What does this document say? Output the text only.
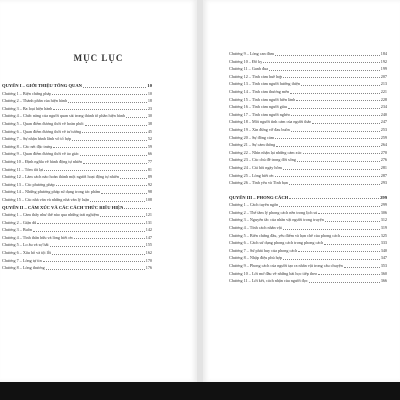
MỤC LỤC
QUYỂN I – GIỚI THIỆU TỔNG QUAN	10
Chương 1 – Biện chứng pháp	10
Chương 2 – Thành phần của hiện hành	18
Chương 3 – Ba loại hiện hành	23
Chương 4 – Chức năng của người quan sát trong thành tố phần hiện hành	30
Chương 5 – Quan điểm đương thời về hoàn phối	38
Chương 6 – Quan điểm đương thời về tư tưởng	45
Chương 7 – Sự nhận hành lãnh vô tổ hợp	52
Chương 8 – Các nét đặc trưng	59
Chương 9 – Quan điểm đương thời về ảo giác	66
Chương 10 – Định nghĩa về hành động tự nhiên	77
Chương 11 – Tóm tắt lại	81
Chương 12 – Làm cách nào hoàn thành một người hoạt động tự nhiên	89
Chương 13 – Các phương pháp	92
Chương 14 – Những phương pháp sử dụng trong tác phẩm	98
Chương 15 – Các nhà văn và những nhà văn lý luận	108
QUYỂN II – CẢM XÚC VÀ CÁC CÁCH THỨC BIỂU HIỆN
Chương 1 – Cảm thấy như thế nào qua những trải nghiệm	121
Chương 2 – Giận dữ	131
Chương 3 – Buồn	142
Chương 4 – Tình thân hữu và lòng biết ơn	147
Chương 5 – Lo âu và sợ hãi	155
Chương 6 – Xấu hổ và tội lỗi	162
Chương 7 – Lòng tự tin	170
Chương 8 – Lòng thương	176
Chương 9 – Lòng can đảm	184
Chương 10 – Đố kỵ	192
Chương 11 – Ganh đua	199
Chương 12 – Tình cảm huề hợp	207
Chương 13 – Tình cảm người hướng thiện	213
Chương 14 – Tình cảm thương mến	221
Chương 15 – Tình cảm người hiền lành	228
Chương 16 – Tình cảm người giàu	234
Chương 17 – Tình cảm người nghèo	240
Chương 18 – Mối người tình cảm của người thân	247
Chương 19 – Xin đừng vỡ đau buồn	253
Chương 20 – Sự đồng cảm	259
Chương 21 – Sự cảm thông	264
Chương 22 – Nhìn nhận lại những cảm xúc	270
Chương 23 – Các chủ đề trong đời sống	276
Chương 24 – Cái hôi ngày hôm	281
Chương 25 – Lòng biết ơn	287
Chương 26 – Tình yêu và Tình bạn	293
QUYỂN III – PHONG CÁCH	299
Chương 1 – Cách tuyên ngôn	299
Chương 2 – Thể tầm lý phong cách nền trong lịch sử	306
Chương 3 – Nguyên tắc của nhân vật người trong truyện	312
Chương 4 – Tính cách nhân vật	319
Chương 5 – Biến chứng đầu, yếu điểm và hạn chế của phong cách	325
Chương 6 – Cách sử dụng phong cách trong phong cách	333
Chương 7 – Sử phát huy của phong cách	340
Chương 8 – Nhập điệu phù hợp	347
Chương 9 – Phong cách của người tạo ra nhân vật trong câu chuyện	353
Chương 10 – Lời mở đầu về những bài học tiếp theo	360
Chương 11 – Lời kết, cách nhận của người đọc	366
